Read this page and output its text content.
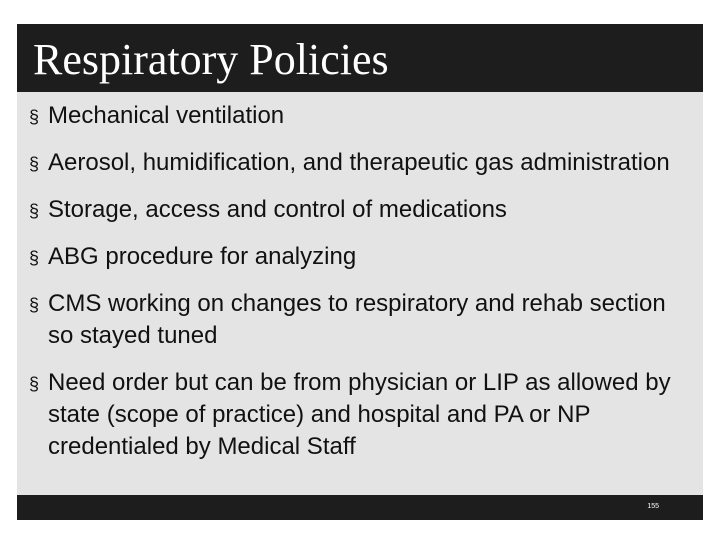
Respiratory Policies
§ Mechanical ventilation
§ Aerosol, humidification, and therapeutic gas administration
§ Storage, access and control of medications
§ ABG procedure for analyzing
§ CMS working on changes to respiratory and rehab section so stayed tuned
§ Need order but can be from physician or LIP as allowed by state (scope of practice) and hospital and PA or NP credentialed by Medical Staff
155
